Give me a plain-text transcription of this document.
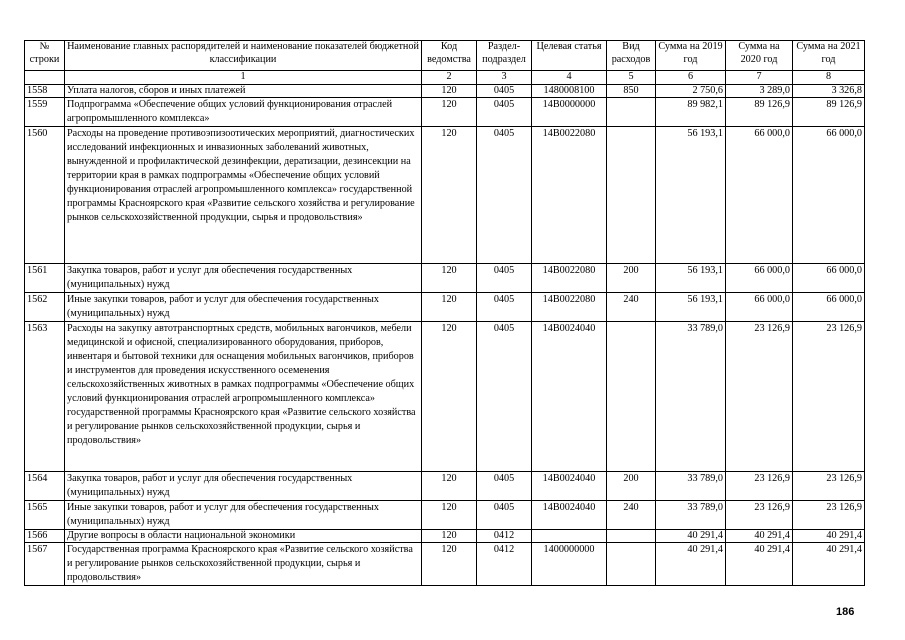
№ строки	Наименование главных распорядителей и наименование показателей бюджетной классификации	Код ведомства	Раздел-подраздел	Целевая статья	Вид расходов	Сумма на 2019 год	Сумма на 2020 год	Сумма на 2021 год
	1	2	3	4	5	6	7	8
1558	Уплата налогов, сборов и иных платежей	120	0405	1480008100	850	2 750,6	3 289,0	3 326,8
1559	Подпрограмма «Обеспечение общих условий функционирования отраслей агропромышленного комплекса»	120	0405	14В0000000		89 982,1	89 126,9	89 126,9
1560	Расходы на проведение противоэпизоотических мероприятий, диагностических исследований инфекционных и инвазионных заболеваний животных, вынужденной и профилактической дезинфекции, дератизации, дезинсекции на территории края в рамках подпрограммы «Обеспечение общих условий функционирования отраслей агропромышленного комплекса» государственной программы Красноярского края «Развитие сельского хозяйства и регулирование рынков сельскохозяйственной продукции, сырья и продовольствия»	120	0405	14В0022080		56 193,1	66 000,0	66 000,0
1561	Закупка товаров, работ и услуг для обеспечения государственных (муниципальных) нужд	120	0405	14В0022080	200	56 193,1	66 000,0	66 000,0
1562	Иные закупки товаров, работ и услуг для обеспечения государственных (муниципальных) нужд	120	0405	14В0022080	240	56 193,1	66 000,0	66 000,0
1563	Расходы на закупку автотранспортных средств, мобильных вагончиков, мебели медицинской и офисной, специализированного оборудования, приборов, инвентаря и бытовой техники для оснащения мобильных вагончиков, приборов и инструментов для проведения искусственного осеменения сельскохозяйственных животных в рамках подпрограммы «Обеспечение общих условий функционирования отраслей агропромышленного комплекса» государственной программы Красноярского края «Развитие сельского хозяйства и регулирование рынков сельскохозяйственной продукции, сырья и продовольствия»	120	0405	14В0024040		33 789,0	23 126,9	23 126,9
1564	Закупка товаров, работ и услуг для обеспечения государственных (муниципальных) нужд	120	0405	14В0024040	200	33 789,0	23 126,9	23 126,9
1565	Иные закупки товаров, работ и услуг для обеспечения государственных (муниципальных) нужд	120	0405	14В0024040	240	33 789,0	23 126,9	23 126,9
1566	Другие вопросы в области национальной экономики	120	0412			40 291,4	40 291,4	40 291,4
1567	Государственная программа Красноярского края «Развитие сельского хозяйства и регулирование рынков сельскохозяйственной продукции, сырья и продовольствия»	120	0412	1400000000		40 291,4	40 291,4	40 291,4
186
